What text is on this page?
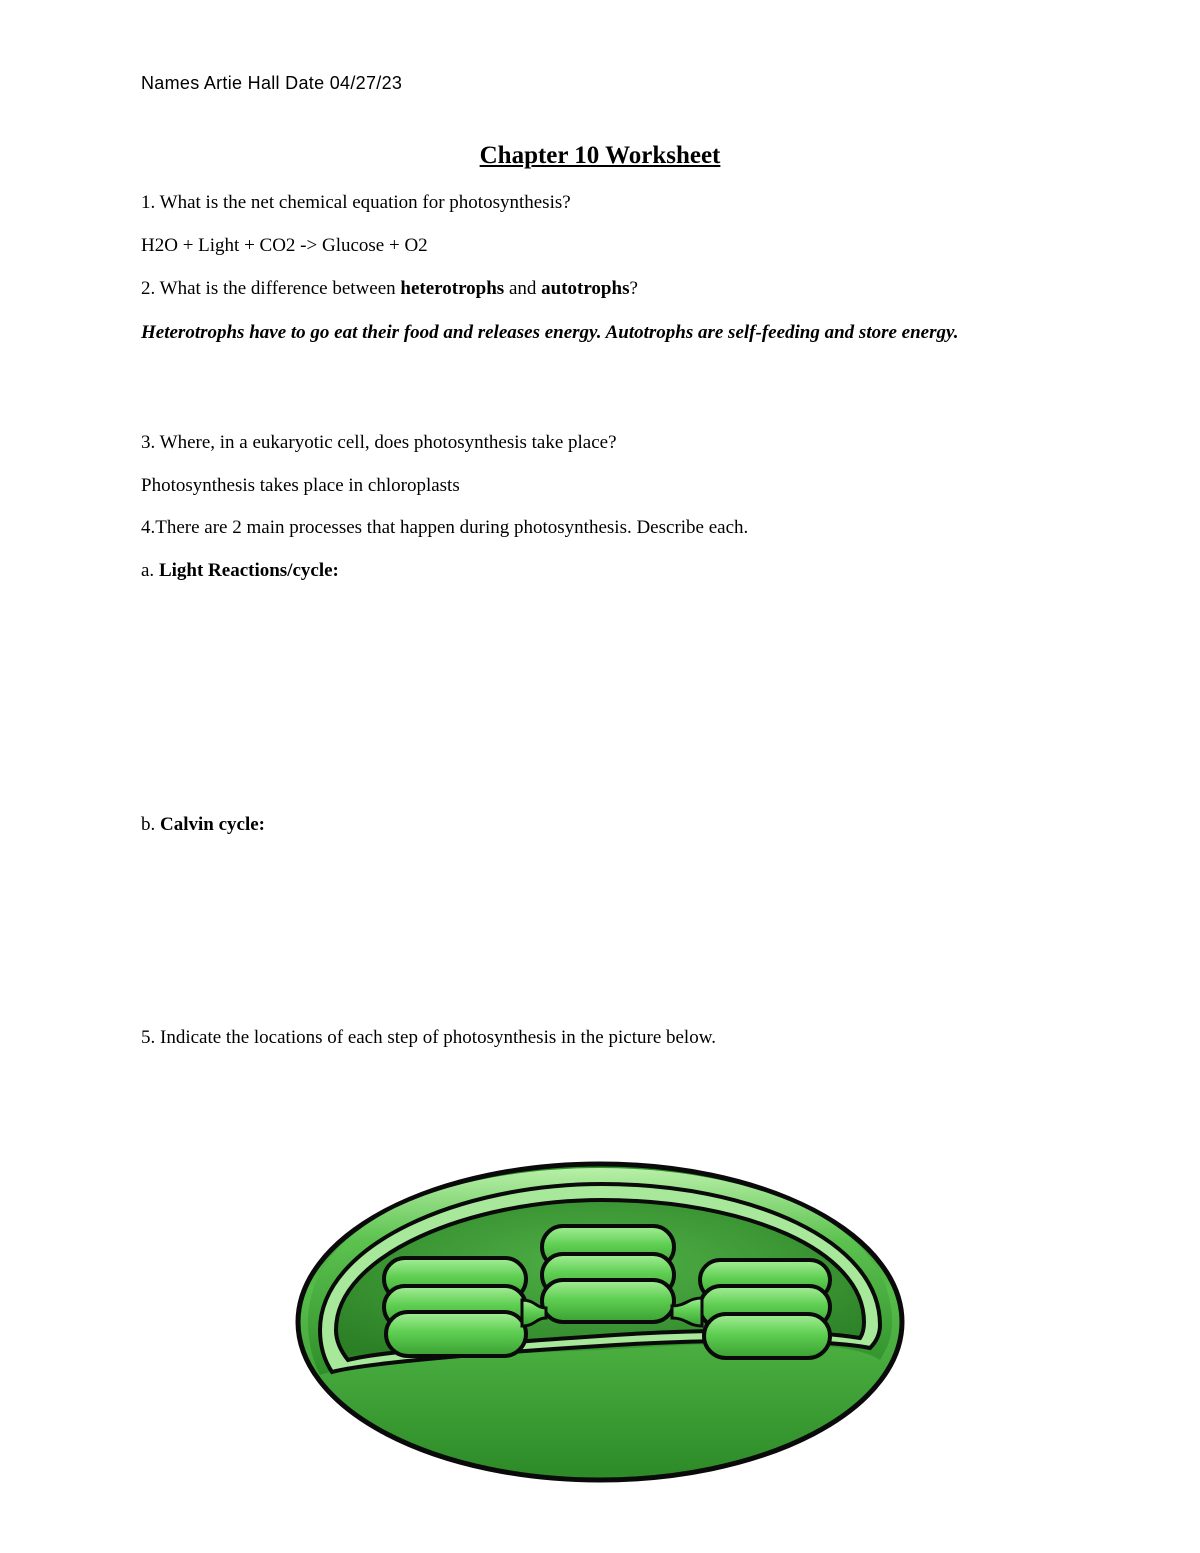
Names Artie Hall Date 04/27/23
Chapter 10 Worksheet
1. What is the net chemical equation for photosynthesis?
H2O + Light + CO2 -> Glucose + O2
2. What is the difference between heterotrophs and autotrophs?
Heterotrophs have to go eat their food and releases energy. Autotrophs are self-feeding and store energy.
3. Where, in a eukaryotic cell, does photosynthesis take place?
Photosynthesis takes place in chloroplasts
4.There are 2 main processes that happen during photosynthesis. Describe each.
a. Light Reactions/cycle:
b. Calvin cycle:
5. Indicate the locations of each step of photosynthesis in the picture below.
